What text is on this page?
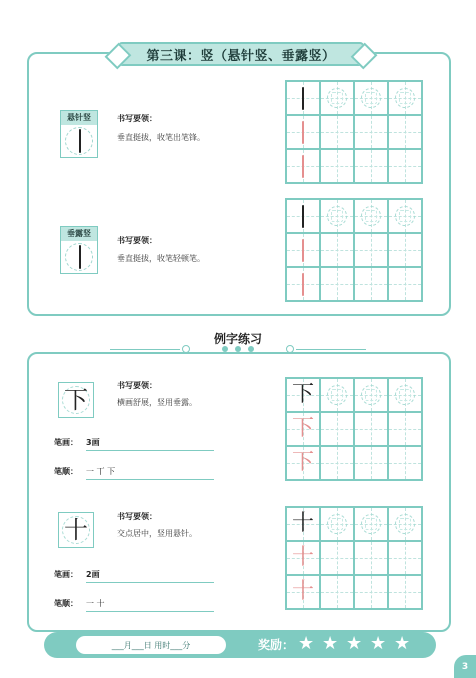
第三课：竖（悬针竖、垂露竖）
悬针竖	书写要领：
垂直挺拔，收笔出笔锋。
垂露竖
书写要领：
垂直挺拔，收笔轻顿笔。
例字练习
下
书写要领：
横画舒展，竖用垂露。
笔画： 3画
笔顺： 一 丅 下
下
下
下
十	书写要领：
交点居中，竖用悬针。
笔画： 2画
笔顺： 一 十
十
十
十
___月___日 用时___分	奖励： ★ ★ ★ ★ ★
3
